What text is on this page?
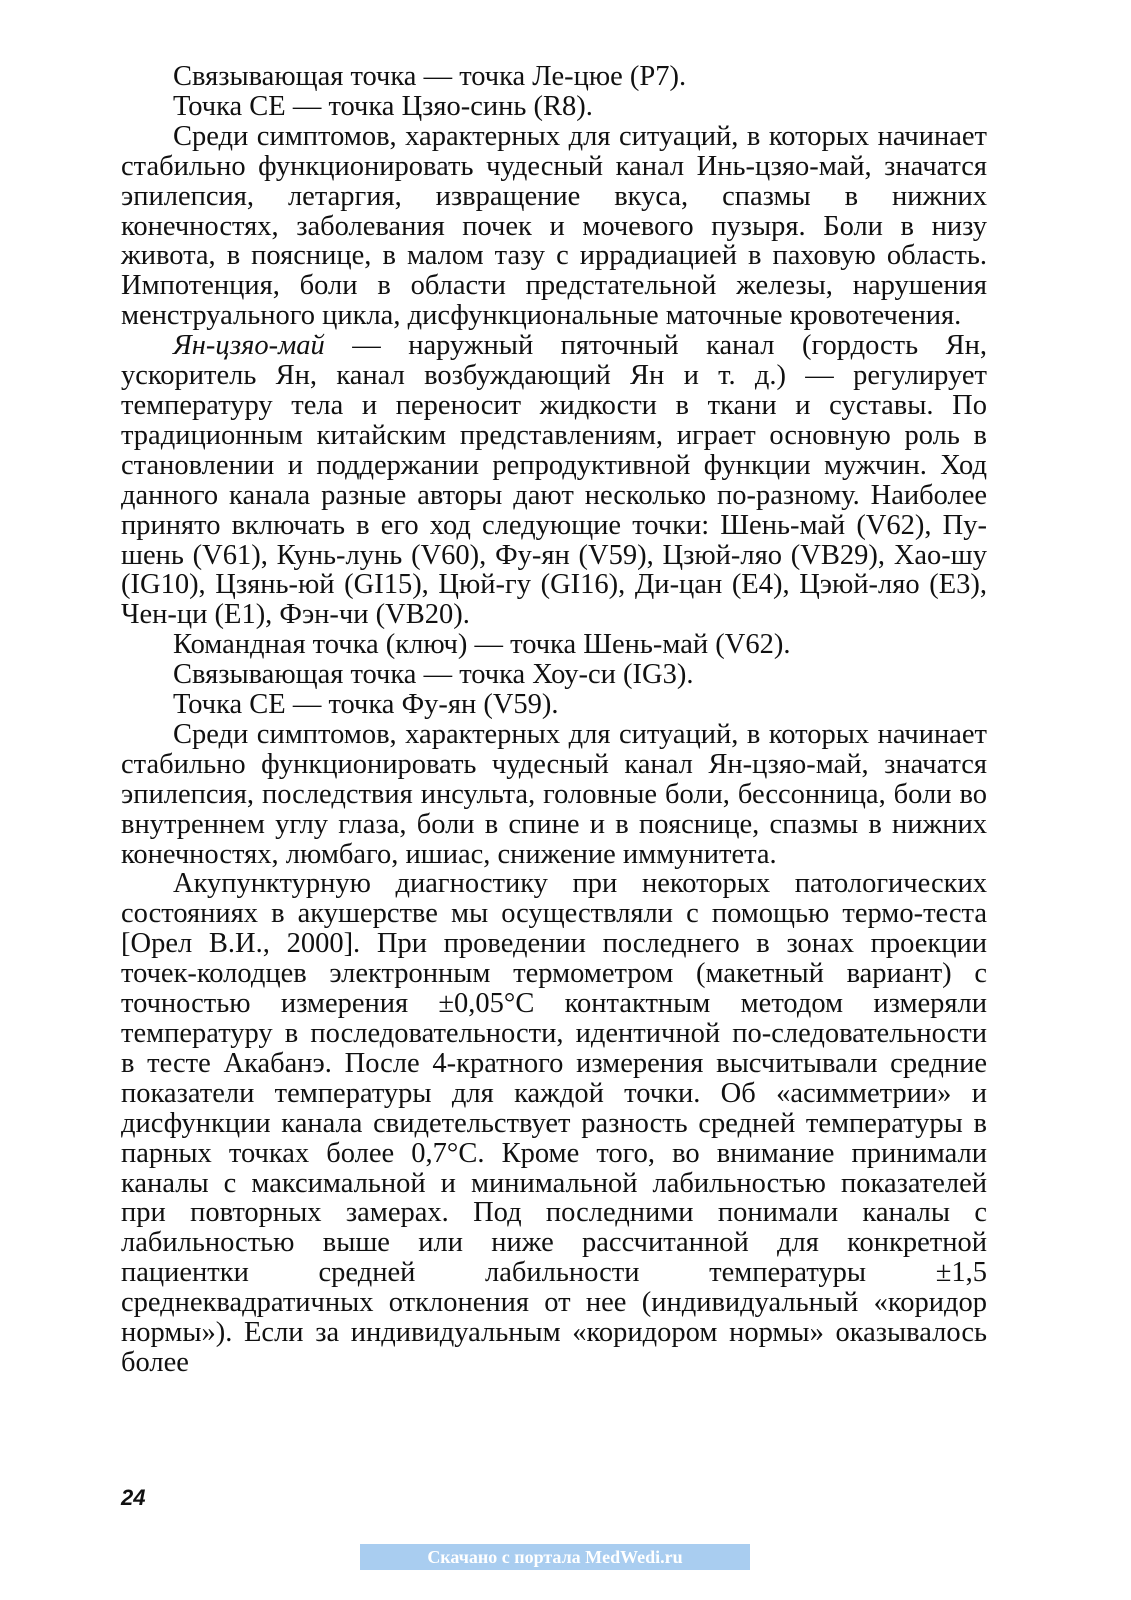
Связывающая точка — точка Ле-цюе (Р7).

Точка CE — точка Цзяо-синь (R8).

Среди симптомов, характерных для ситуаций, в которых начинает стабильно функционировать чудесный канал Инь-цзяо-май, значатся эпилепсия, летаргия, извращение вкуса, спазмы в нижних конечностях, заболевания почек и мочевого пузыря. Боли в низу живота, в пояснице, в малом тазу с иррадиацией в паховую область. Импотенция, боли в области предстательной железы, нарушения менструального цикла, дисфункциональные маточные кровотечения.

Ян-цзяо-май — наружный пяточный канал (гордость Ян, ускоритель Ян, канал возбуждающий Ян и т. д.) — регулирует температуру тела и переносит жидкости в ткани и суставы. По традиционным китайским представлениям, играет основную роль в становлении и поддержании репродуктивной функции мужчин. Ход данного канала разные авторы дают несколько по-разному. Наиболее принято включать в его ход следующие точки: Шень-май (V62), Пу-шень (V61), Кунь-лунь (V60), Фу-ян (V59), Цзюй-ляо (VB29), Хао-шу (IG10), Цзянь-юй (GI15), Цюй-гу (GI16), Ди-цан (E4), Цэюй-ляо (E3), Чен-ци (E1), Фэн-чи (VB20).

Командная точка (ключ) — точка Шень-май (V62).

Связывающая точка — точка Хоу-си (IG3).

Точка CE — точка Фу-ян (V59).

Среди симптомов, характерных для ситуаций, в которых начинает стабильно функционировать чудесный канал Ян-цзяо-май, значатся эпилепсия, последствия инсульта, головные боли, бессонница, боли во внутреннем углу глаза, боли в спине и в пояснице, спазмы в нижних конечностях, люмбаго, ишиас, снижение иммунитета.

Акупунктурную диагностику при некоторых патологических состояниях в акушерстве мы осуществляли с помощью термо-теста [Орел В.И., 2000]. При проведении последнего в зонах проекции точек-колодцев электронным термометром (макетный вариант) с точностью измерения ±0,05°С контактным методом измеряли температуру в последовательности, идентичной по-следовательности в тесте Акабанэ. После 4-кратного измерения высчитывали средние показатели температуры для каждой точки. Об «асимметрии» и дисфункции канала свидетельствует разность средней температуры в парных точках более 0,7°С. Кроме того, во внимание принимали каналы с максимальной и минимальной лабильностью показателей при повторных замерах. Под последними понимали каналы с лабильностью выше или ниже рассчитанной для конкретной пациентки средней лабильности температуры ±1,5 среднеквадратичных отклонения от нее (индивидуальный «коридор нормы»). Если за индивидуальным «коридором нормы» оказывалось более

24
Скачано с портала MedWedi.ru
